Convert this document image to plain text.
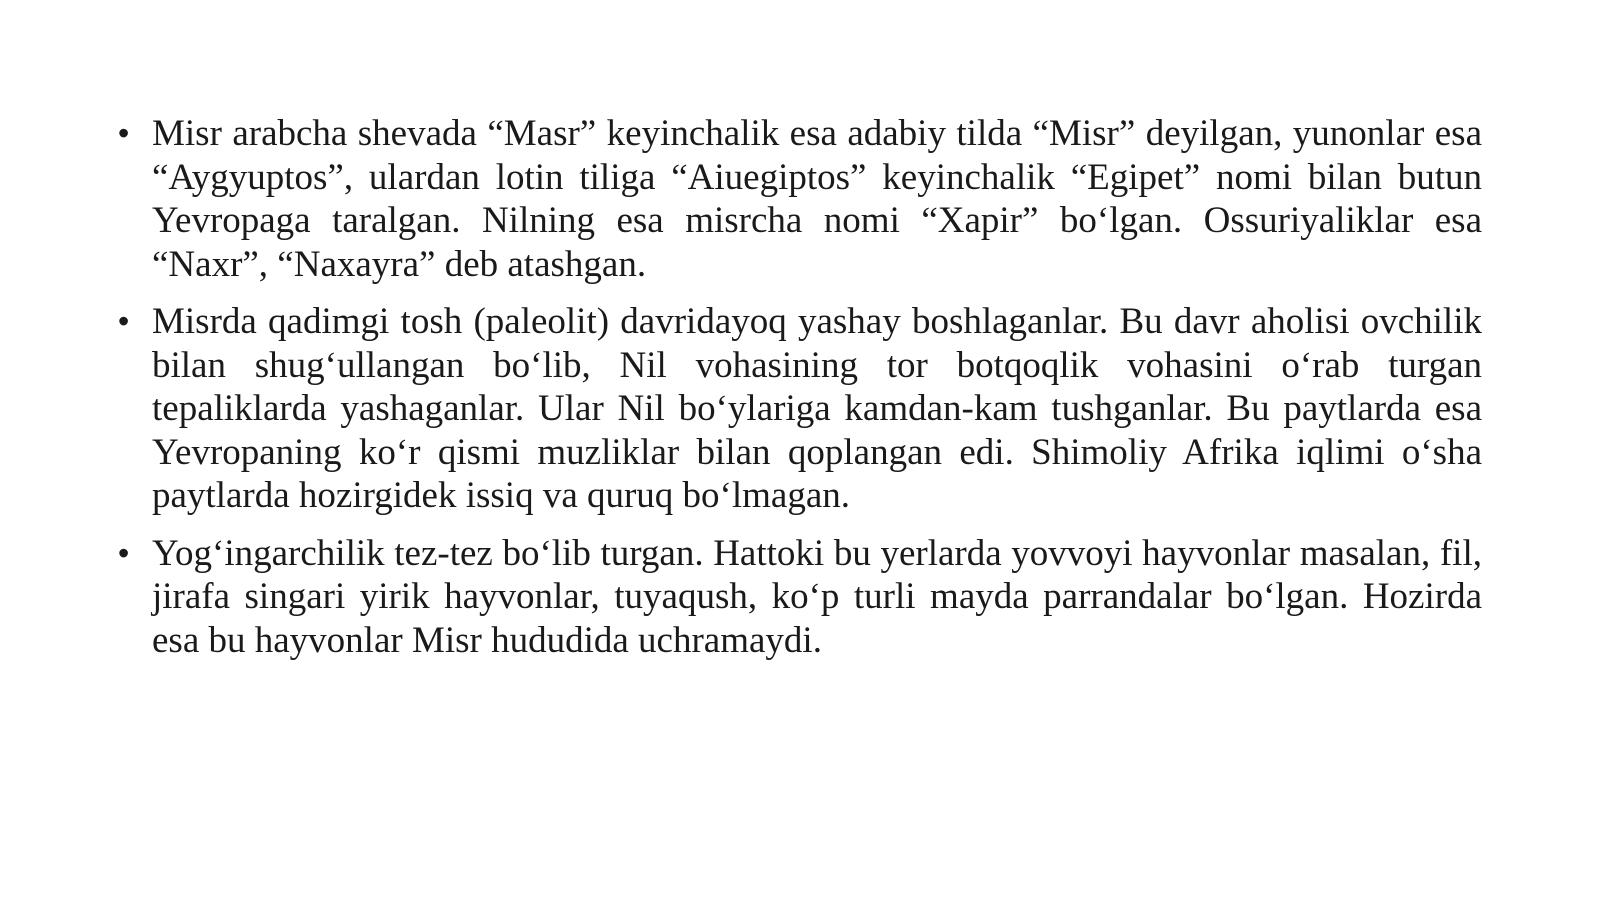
• Misr arabcha shevada “Masr” keyinchalik esa adabiy tilda “Misr” deyilgan, yunonlar esa “Aygyuptos”, ulardan lotin tiliga “Aiuegiptos” keyinchalik “Egipet” nomi bilan butun Yevropaga taralgan. Nilning esa misrcha nomi “Xapir” bo‘lgan. Ossuriyaliklar esa “Naxr”, “Naxayra” deb atashgan.
• Misrda qadimgi tosh (paleolit) davridayoq yashay boshlaganlar. Bu davr aholisi ovchilik bilan shug‘ullangan bo‘lib, Nil vohasining tor botqoqlik vohasini o‘rab turgan tepaliklarda yashaganlar. Ular Nil bo‘ylariga kamdan-kam tushganlar. Bu paytlarda esa Yevropaning ko‘r qismi muzliklar bilan qoplangan edi. Shimoliy Afrika iqlimi o‘sha paytlarda hozirgidek issiq va quruq bo‘lmagan.
• Yog‘ingarchilik tez-tez bo‘lib turgan. Hattoki bu yerlarda yovvoyi hayvonlar masalan, fil, jirafa singari yirik hayvonlar, tuyaqush, ko‘p turli mayda parrandalar bo‘lgan. Hozirda esa bu hayvonlar Misr hududida uchramaydi.
